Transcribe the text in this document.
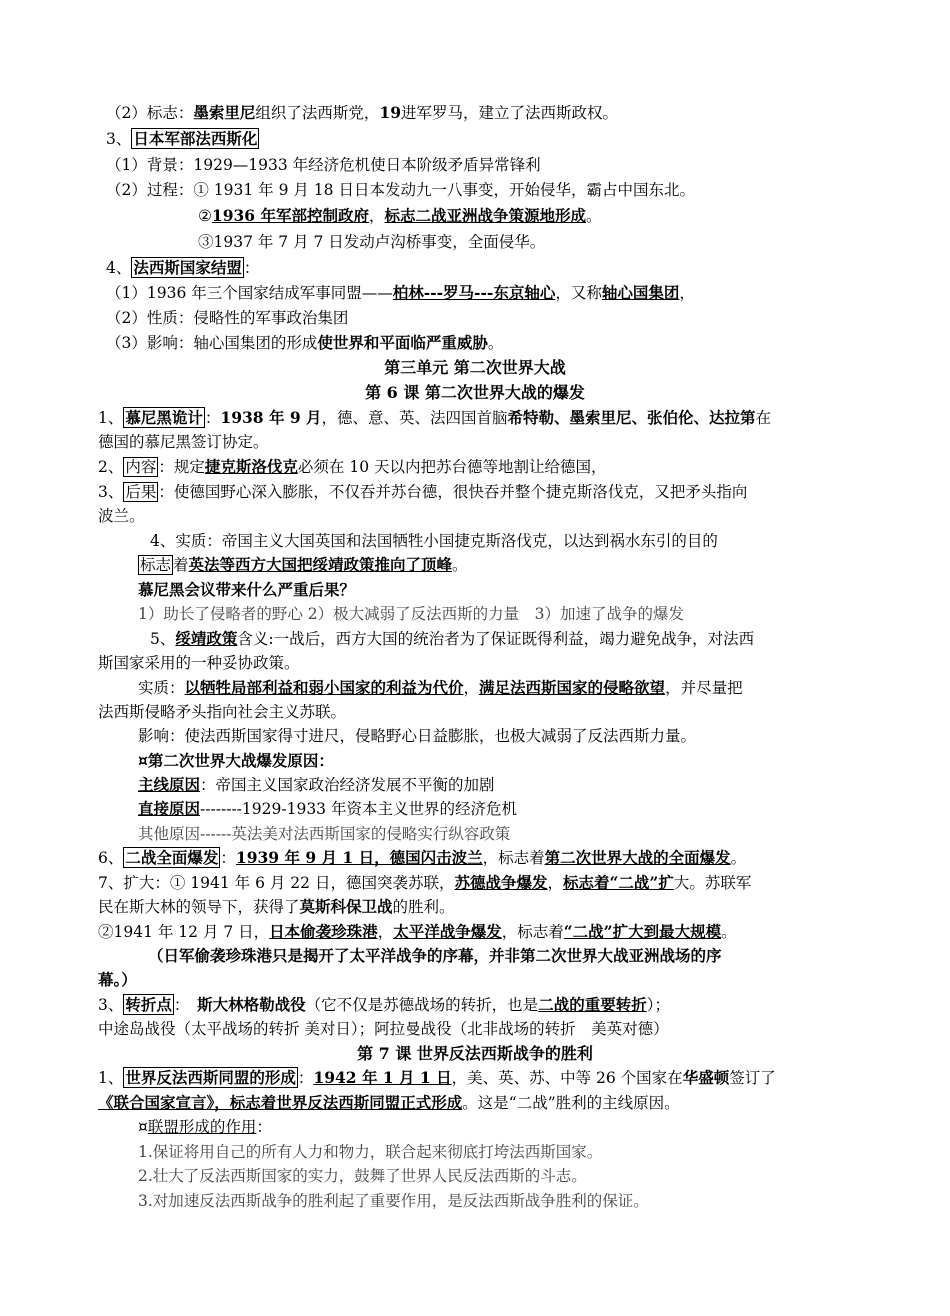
（2）标志：墨索里尼组织了法西斯党，19进军罗马，建立了法西斯政权。
3、 日本军部法西斯化
（1）背景：1929—1933 年经济危机使日本阶级矛盾异常锋利
（2）过程：① 1931 年 9 月 18 日日本发动九一八事变，开始侵华，霸占中国东北。
②1936 年军部控制政府，标志二战亚洲战争策源地形成。
③1937 年 7 月 7 日发动卢沟桥事变，全面侵华。
4、 法西斯国家结盟 ：
（1）1936 年三个国家结成军事同盟——柏林---罗马---东京轴心，又称轴心国集团，
（2）性质：侵略性的军事政治集团
（3）影响：轴心国集团的形成使世界和平面临严重威胁。
第三单元 第二次世界大战
第 6 课 第二次世界大战的爆发
1、 慕尼黑诡计 ：1938 年 9 月，德、意、英、法四国首脑希特勒、墨索里尼、张伯伦、达拉第在
德国的慕尼黑签订协定。
2、 内容 ：规定捷克斯洛伐克必须在 10 天以内把苏台德等地割让给德国，
3、 后果 ：使德国野心深入膨胀，不仅吞并苏台德，很快吞并整个捷克斯洛伐克，又把矛头指向
波兰。
4、实质：帝国主义大国英国和法国牺牲小国捷克斯洛伐克，以达到祸水东引的目的
标志 着英法等西方大国把绥靖政策推向了顶峰。
慕尼黑会议带来什么严重后果？
1）助长了侵略者的野心 2）极大减弱了反法西斯的力量　3）加速了战争的爆发
5、绥靖政策含义:一战后，西方大国的统治者为了保证既得利益，竭力避免战争，对法西
斯国家采用的一种妥协政策。
实质：以牺牲局部利益和弱小国家的利益为代价，满足法西斯国家的侵略欲望，并尽量把
法西斯侵略矛头指向社会主义苏联。
影响：使法西斯国家得寸进尺，侵略野心日益膨胀，也极大减弱了反法西斯力量。
¤第二次世界大战爆发原因：
主线原因：帝国主义国家政治经济发展不平衡的加剧
直接原因--------1929-1933 年资本主义世界的经济危机
其他原因------英法美对法西斯国家的侵略实行纵容政策
6、 二战全面爆发 ：1939 年 9 月 1 日，德国闪击波兰，标志着第二次世界大战的全面爆发。
7、扩大：① 1941 年 6 月 22 日，德国突袭苏联，苏德战争爆发，标志着“二战”扩大。苏联军
民在斯大林的领导下，获得了莫斯科保卫战的胜利。
②1941 年 12 月 7 日，日本偷袭珍珠港，太平洋战争爆发，标志着“二战”扩大到最大规模。
（日军偷袭珍珠港只是揭开了太平洋战争的序幕，并非第二次世界大战亚洲战场的序
幕。）
3、 转折点 ：　斯大林格勒战役（它不仅是苏德战场的转折，也是二战的重要转折）；
中途岛战役（太平战场的转折 美对日）；阿拉曼战役（北非战场的转折　美英对德）
第 7 课 世界反法西斯战争的胜利
1、 世界反法西斯同盟的形成 ：1942 年 1 月 1 日，美、英、苏、中等 26 个国家在华盛顿签订了
《联合国家宣言》，标志着世界反法西斯同盟正式形成。这是“二战”胜利的主线原因。
¤联盟形成的作用：
1.保证将用自己的所有人力和物力，联合起来彻底打垮法西斯国家。
2.壮大了反法西斯国家的实力，鼓舞了世界人民反法西斯的斗志。
3.对加速反法西斯战争的胜利起了重要作用，是反法西斯战争胜利的保证。
